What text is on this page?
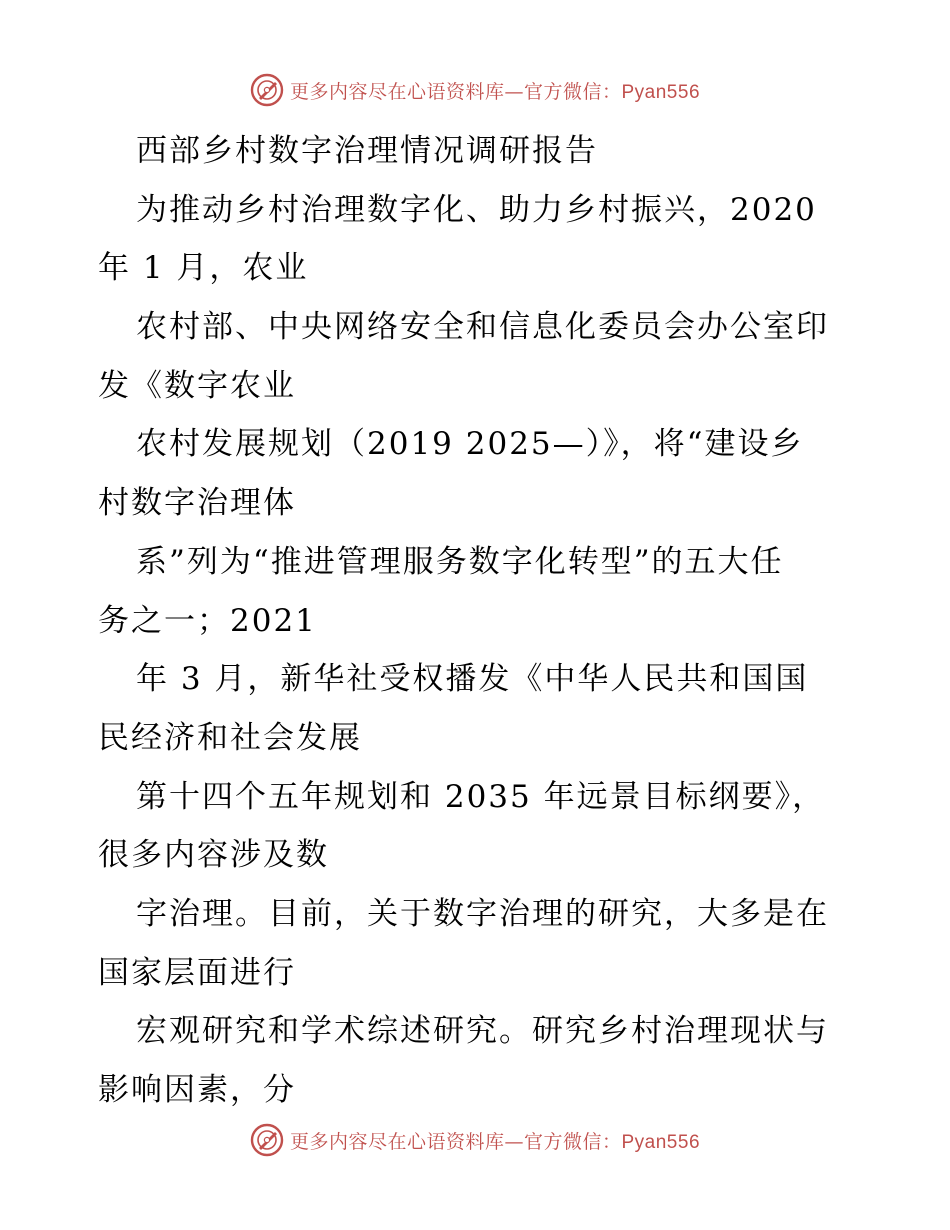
更多内容尽在心语资料库—官方微信：Pyan556
西部乡村数字治理情况调研报告
为推动乡村治理数字化、助力乡村振兴，2020
年 1 月，农业
农村部、中央网络安全和信息化委员会办公室印
发《数字农业
农村发展规划（2019 2025—）》，将“建设乡
村数字治理体
系”列为“推进管理服务数字化转型”的五大任
务之一；2021
年 3 月，新华社受权播发《中华人民共和国国
民经济和社会发展
第十四个五年规划和 2035 年远景目标纲要》，
很多内容涉及数
字治理。目前，关于数字治理的研究，大多是在
国家层面进行
宏观研究和学术综述研究。研究乡村治理现状与
影响因素，分
更多内容尽在心语资料库—官方微信：Pyan556
